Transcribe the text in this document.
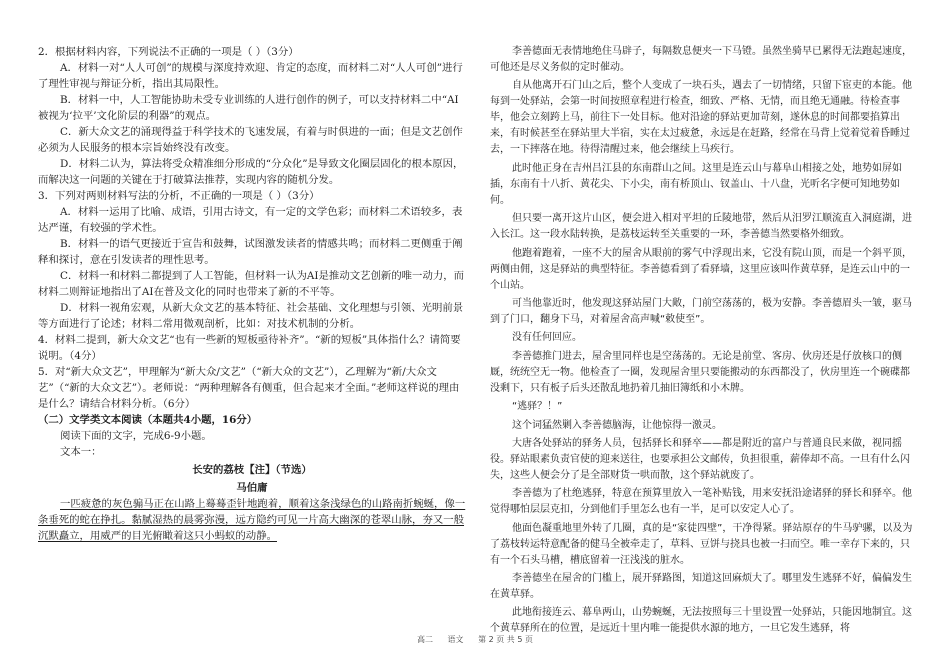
2．根据材料内容，下列说法不正确的一项是（ ）（3分）

A．材料一对“人人可创”的规模与深度持欢迎、肯定的态度，而材料二对“人人可创”进行了理性审视与辩证分析，指出其局限性。

B．材料一中，人工智能协助未受专业训练的人进行创作的例子，可以支持材料二中“AI被视为‘拉平’文化阶层的利器”的观点。

C．新大众文艺的涌现得益于科学技术的飞速发展，有着与时俱进的一面；但是文艺创作必须为人民服务的根本宗旨始终没有改变。

D．材料二认为，算法将受众精准细分形成的“分众化”是导致文化圈层固化的根本原因，而解决这一问题的关键在于打破算法推荐，实现内容的随机分发。

3．下列对两则材料写法的分析，不正确的一项是（ ）（3分）

A．材料一运用了比喻、成语，引用古诗文，有一定的文学色彩；而材料二术语较多，表达严谨，有较强的学术性。

B．材料一的语气更接近于宣告和鼓舞，试图激发读者的情感共鸣；而材料二更侧重于阐释和探讨，意在引发读者的理性思考。

C．材料一和材料二都提到了人工智能，但材料一认为AI是推动文艺创新的唯一动力，而材料二则辩证地指出了AI在普及文化的同时也带来了新的不平等。

D．材料一视角宏观，从新大众文艺的基本特征、社会基础、文化理想与引领、光明前景等方面进行了论述；材料二常用微观剖析，比如：对技术机制的分析。

4．材料二提到，新大众文艺“也有一些新的短板亟待补齐”。“新的短板”具体指什么？请简要说明。（4分）

5．对“新大众文艺”，甲理解为“新大众/文艺”（“新大众的文艺”），乙理解为“新/大众文艺”（“新的大众文艺”）。老师说：“两种理解各有侧重，但合起来才全面。”老师这样说的理由是什么？请结合材料分析。（6分）

（二）文学类文本阅读（本题共4小题，16分）

阅读下面的文字，完成6-9小题。

文本一：

长安的荔枝【注】（节选）

马伯庸

一匹疲惫的灰色骟马正在山路上蓦蓦歪针地跑着，顺着这条浅绿色的山路南折蜿蜒，像一条垂死的蛇在挣扎。黏腻湿热的晨雾弥漫，远方隐约可见一片高大幽深的苍翠山脉，夯又一般沉默矗立，用威严的目光俯瞰着这只小蚂蚁的动静。

李善德面无表情地绝住马辟子，每隔数息便夹一下马镫。虽然坐骑早已累得无法跑起速度，可他还是尽义务似的定时催动。

自从他离开石门山之后，整个人变成了一块石头，遇去了一切情绪，只留下宦吏的本能。他每到一处驿站，会第一时间按照章程进行检查，细致、严格、无情，而且绝无通融。待检查事毕，他会立刻跨上马，前往下一处目标。他对沿途的驿站更加苛刻，遂休息的时间都要掐算出来，有时候甚至在驿站里大半宿，实在太过疲惫，永远是在赶路，经常在马背上觉着觉着昏睡过去，一下摔落在地。待得清醒过来，他会继续上马疾行。

此时他正身在吉州吕江县的东南群山之间。这里是连云山与幕阜山相接之处，地势如屏如插，东南有十八折、黄花尖、下小尖，南有桥顶山、钗盖山、十八盘，光听名字便可知地势如何。

但只要一离开这片山区，便会进入相对平坦的丘陵地带，然后从汨罗江顺流直入洞庭湖，进入长江。这一段水陆转换，是荔枝运转至关重要的一环，李善德当然要格外细致。

他跑着跑着，一座不大的屋舍从眼前的雾气中浮现出来，它没有院山顶，而是一个斜平顶，两侧由佣，这是驿站的典型特征。李善德看到了看驿墙，这里应该叫作黄草驿，是连云山中的一个山站。

可当他靠近时，他发现这驿站屋门大敞，门前空荡荡的，极为安静。李善德眉头一皱，驱马到了门口，翻身下马，对着屋舍高声喊“敕使至”。

没有任何回应。

李善德推门进去，屋舍里同样也是空荡荡的。无论是前堂、客房、伙房还是仔放核口的侧厩，统统空无一物。他检查了一圈，发现屋舍里只要能搬动的东西都没了，伙房里连一个碗碟都没剩下，只有板子后头还散乱地扔着几抽旧簿纸和小木牌。

“逃驿？！”

这个词猛然剿入李善德脑海，让他惊得一激灵。

大唐各处驿站的驿务人员，包括驿长和驿卒——都是附近的富户与普通良民来做，视同摇役。驿站眼素负责官使的迎来送往，也要承担公文邮传，负担很重，薪俸却不高。一旦有什么闪失，这些人便会分了是全部财货一哄而散，这个驿站就废了。

李善德为了杜绝逃驿，特意在预算里放入一笔补贴钱，用来安抚沿途诸驿的驿长和驿卒。他觉得哪怕层层克扣，分到他们手里怎么也有一半，足可以安定人心了。

他面色凝重地里外转了几圈，真的是“家徒四壁”，干净得紧。驿站原存的牛马驴骡，以及为了荔枝转运特意配备的健马全被牵走了，草料、豆饼与挠具也被一扫而空。唯一幸存下来的，只有一个石头马槽，槽底留着一汪浅浅的脏水。

李善德坐在屋舍的门槛上，展开驿路图，知道这回麻烦大了。哪里发生逃驿不好，偏偏发生在黄草驿。

此地衔接连云、幕阜两山，山势蜿蜒，无法按照每三十里设置一处驿站，只能因地制宜。这个黄草驿所在的位置，是远近十里内唯一能提供水源的地方，一旦它发生逃驿，将

高二 语文 第 2 页 共 5 页
